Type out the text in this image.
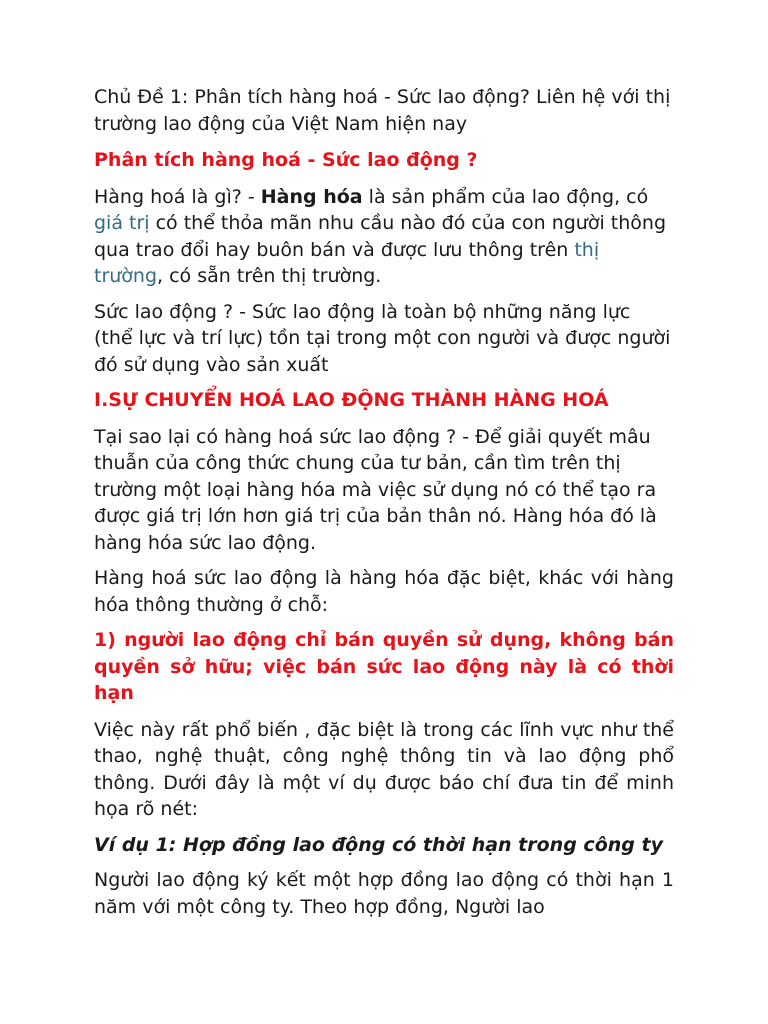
Chủ Đề 1: Phân tích hàng hoá - Sức lao động? Liên hệ với thị trường lao động của Việt Nam hiện nay

Phân tích hàng hoá - Sức lao động ?

Hàng hoá là gì? - Hàng hóa là sản phẩm của lao động, có giá trị có thể thỏa mãn nhu cầu nào đó của con người thông qua trao đổi hay buôn bán và được lưu thông trên thị trường, có sẵn trên thị trường.

Sức lao động ? - Sức lao động là toàn bộ những năng lực (thể lực và trí lực) tồn tại trong một con người và được người đó sử dụng vào sản xuất

I.SỰ CHUYỂN HOÁ LAO ĐỘNG THÀNH HÀNG HOÁ

Tại sao lại có hàng hoá sức lao động ? - Để giải quyết mâu thuẫn của công thức chung của tư bản, cần tìm trên thị trường một loại hàng hóa mà việc sử dụng nó có thể tạo ra được giá trị lớn hơn giá trị của bản thân nó. Hàng hóa đó là hàng hóa sức lao động.

Hàng hoá sức lao động là hàng hóa đặc biệt, khác với hàng hóa thông thường ở chỗ:

1) người lao động chỉ bán quyền sử dụng, không bán quyền sở hữu; việc bán sức lao động này là có thời hạn

Việc này rất phổ biến , đặc biệt là trong các lĩnh vực như thể thao, nghệ thuật, công nghệ thông tin và lao động phổ thông. Dưới đây là một ví dụ được báo chí đưa tin để minh họa rõ nét:

Ví dụ 1: Hợp đồng lao động có thời hạn trong công ty

Người lao động ký kết một hợp đồng lao động có thời hạn 1 năm với một công ty. Theo hợp đồng, Người lao
